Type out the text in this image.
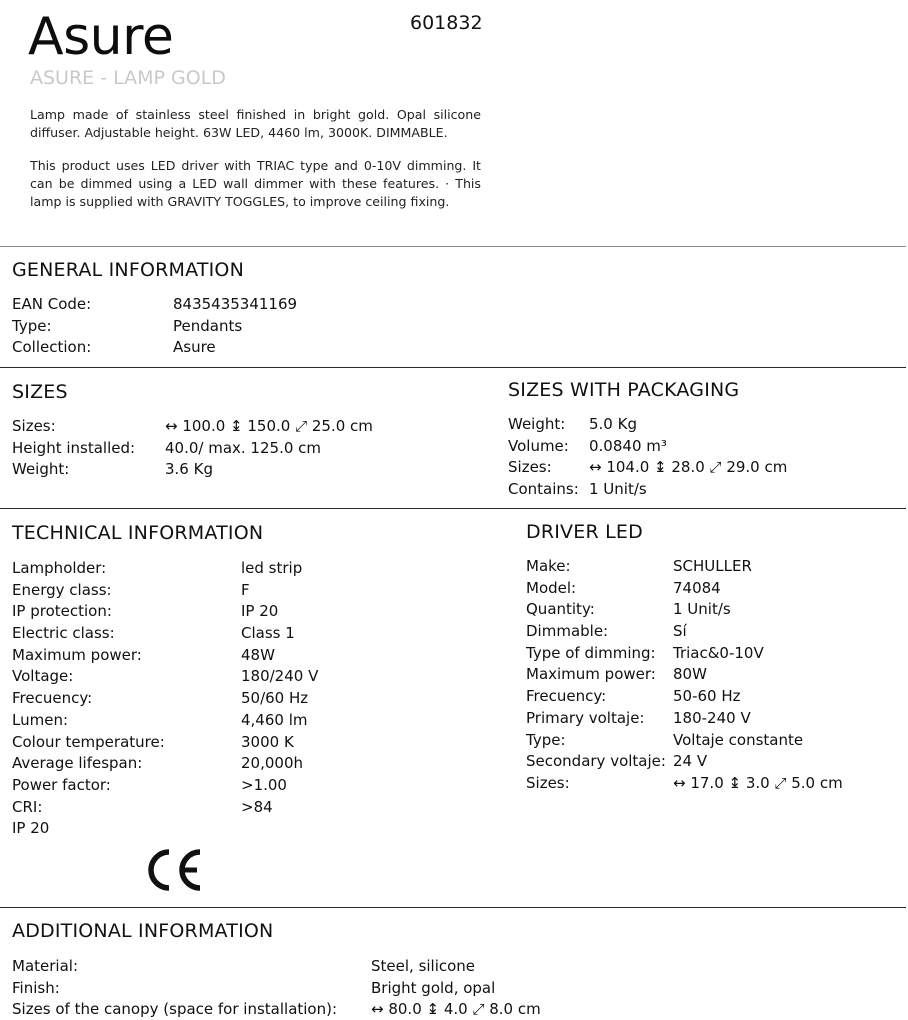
Asure	601832
ASURE - LAMP GOLD

Lamp made of stainless steel finished in bright gold. Opal silicone diffuser. Adjustable height. 63W LED, 4460 lm, 3000K. DIMMABLE.

This product uses LED driver with TRIAC type and 0-10V dimming. It can be dimmed using a LED wall dimmer with these features. · This lamp is supplied with GRAVITY TOGGLES, to improve ceiling fixing.

GENERAL INFORMATION
EAN Code:	8435435341169
Type:	Pendants
Collection:	Asure
SIZES
Sizes:	↔ 100.0 ↨ 150.0 ⤢ 25.0 cm
Height installed: 40.0/ max. 125.0 cm
Weight:	3.6 Kg
SIZES WITH PACKAGING
Weight: 5.0 Kg
Volume: 0.0840 m³
Sizes: ↔ 104.0 ↨ 28.0 ⤢ 29.0 cm
Contains: 1 Unit/s
TECHNICAL INFORMATION
Lampholder:	led strip
Energy class:	F
IP protection:	IP 20
Electric class:	Class 1
Maximum power:	48W
Voltage:	180/240 V
Frecuency:	50/60 Hz
Lumen:	4,460 lm
Colour temperature:	3000 K
Average lifespan:	20,000h
Power factor:	>1.00
CRI:	>84
IP 20
DRIVER LED
Make:	SCHULLER
Model:	74084
Quantity:	1 Unit/s
Dimmable:	Sí
Type of dimming: Triac&0-10V
Maximum power: 80W
Frecuency:	50-60 Hz
Primary voltaje: 180-240 V
Type:	Voltaje constante
Secondary voltaje: 24 V
Sizes:	↔ 17.0 ↨ 3.0 ⤢ 5.0 cm
ADDITIONAL INFORMATION
Material:	Steel, silicone
Finish:	Bright gold, opal
Sizes of the canopy (space for installation): ↔ 80.0 ↨ 4.0 ⤢ 8.0 cm
